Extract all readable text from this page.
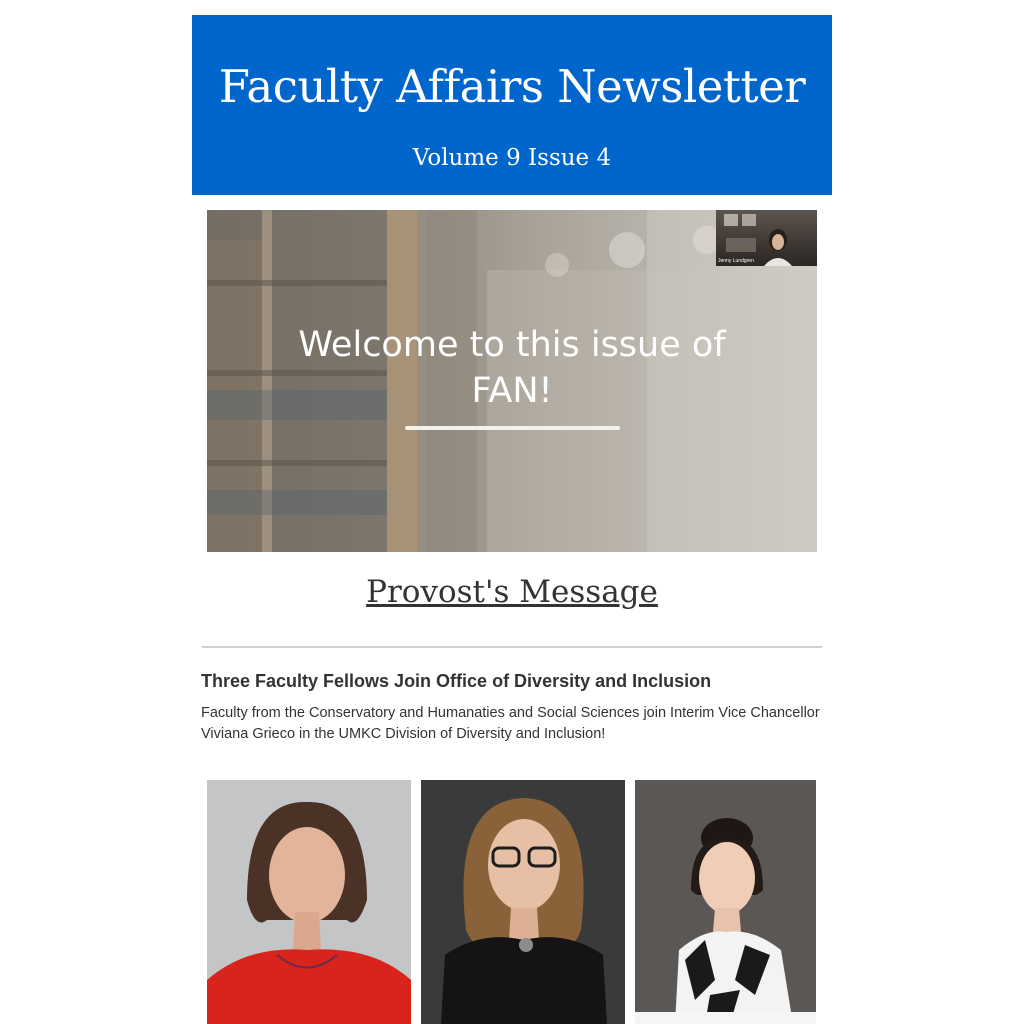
Faculty Affairs Newsletter
Volume 9 Issue 4
Welcome to this issue of
FAN!
Jenny Lundgren
Provost's Message
Three Faculty Fellows Join Office of Diversity and Inclusion

Faculty from the Conservatory and Humanaties and Social Sciences join Interim Vice Chancellor Viviana Grieco in the UMKC Division of Diversity and Inclusion!
